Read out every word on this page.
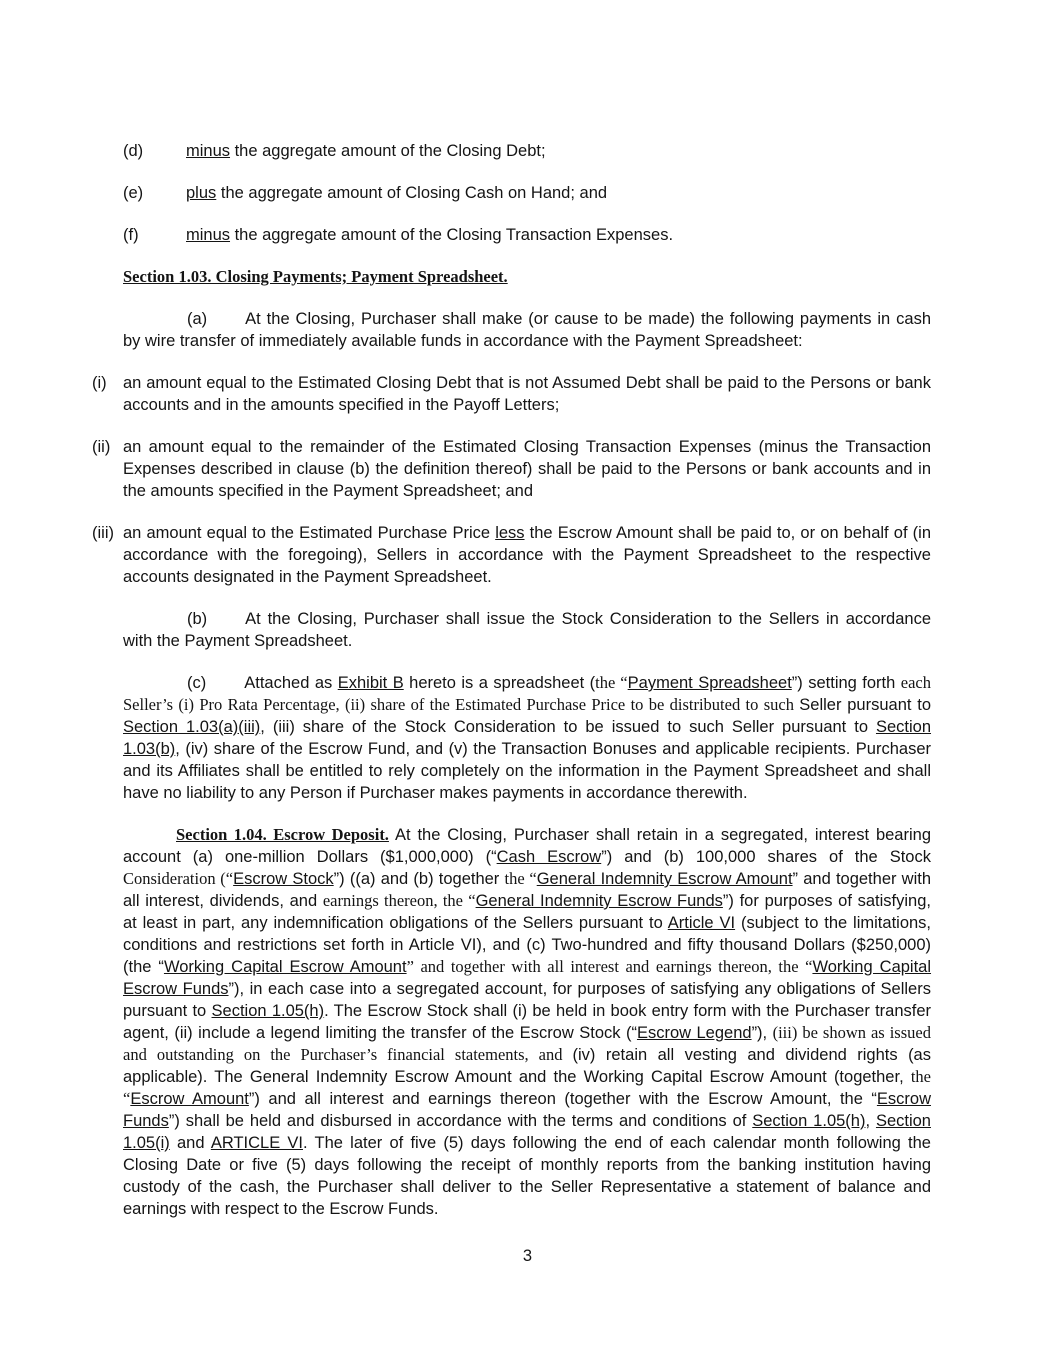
(d)	minus the aggregate amount of the Closing Debt;

(e)	plus the aggregate amount of Closing Cash on Hand; and

(f)	minus the aggregate amount of the Closing Transaction Expenses.

Section 1.03. Closing Payments; Payment Spreadsheet.

(a) At the Closing, Purchaser shall make (or cause to be made) the following payments in cash by wire transfer of immediately available funds in accordance with the Payment Spreadsheet:

(i) an amount equal to the Estimated Closing Debt that is not Assumed Debt shall be paid to the Persons or bank accounts and in the amounts specified in the Payoff Letters;

(ii) an amount equal to the remainder of the Estimated Closing Transaction Expenses (minus the Transaction Expenses described in clause (b) the definition thereof) shall be paid to the Persons or bank accounts and in the amounts specified in the Payment Spreadsheet; and

(iii) an amount equal to the Estimated Purchase Price less the Escrow Amount shall be paid to, or on behalf of (in accordance with the foregoing), Sellers in accordance with the Payment Spreadsheet to the respective accounts designated in the Payment Spreadsheet.

(b) At the Closing, Purchaser shall issue the Stock Consideration to the Sellers in accordance with the Payment Spreadsheet.

(c) Attached as Exhibit B hereto is a spreadsheet (the “Payment Spreadsheet”) setting forth each Seller’s (i) Pro Rata Percentage, (ii) share of the Estimated Purchase Price to be distributed to such Seller pursuant to Section 1.03(a)(iii), (iii) share of the Stock Consideration to be issued to such Seller pursuant to Section 1.03(b), (iv) share of the Escrow Fund, and (v) the Transaction Bonuses and applicable recipients. Purchaser and its Affiliates shall be entitled to rely completely on the information in the Payment Spreadsheet and shall have no liability to any Person if Purchaser makes payments in accordance therewith.

Section 1.04. Escrow Deposit. At the Closing, Purchaser shall retain in a segregated, interest bearing account (a) one-million Dollars ($1,000,000) (“Cash Escrow”) and (b) 100,000 shares of the Stock Consideration (“Escrow Stock”) ((a) and (b) together the “General Indemnity Escrow Amount” and together with all interest, dividends, and earnings thereon, the “General Indemnity Escrow Funds”) for purposes of satisfying, at least in part, any indemnification obligations of the Sellers pursuant to Article VI (subject to the limitations, conditions and restrictions set forth in Article VI), and (c) Two-hundred and fifty thousand Dollars ($250,000) (the “Working Capital Escrow Amount” and together with all interest and earnings thereon, the “Working Capital Escrow Funds”), in each case into a segregated account, for purposes of satisfying any obligations of Sellers pursuant to Section 1.05(h). The Escrow Stock shall (i) be held in book entry form with the Purchaser transfer agent, (ii) include a legend limiting the transfer of the Escrow Stock (“Escrow Legend”), (iii) be shown as issued and outstanding on the Purchaser’s financial statements, and (iv) retain all vesting and dividend rights (as applicable). The General Indemnity Escrow Amount and the Working Capital Escrow Amount (together, the “Escrow Amount”) and all interest and earnings thereon (together with the Escrow Amount, the “Escrow Funds”) shall be held and disbursed in accordance with the terms and conditions of Section 1.05(h), Section 1.05(i) and ARTICLE VI. The later of five (5) days following the end of each calendar month following the Closing Date or five (5) days following the receipt of monthly reports from the banking institution having custody of the cash, the Purchaser shall deliver to the Seller Representative a statement of balance and earnings with respect to the Escrow Funds.

3
